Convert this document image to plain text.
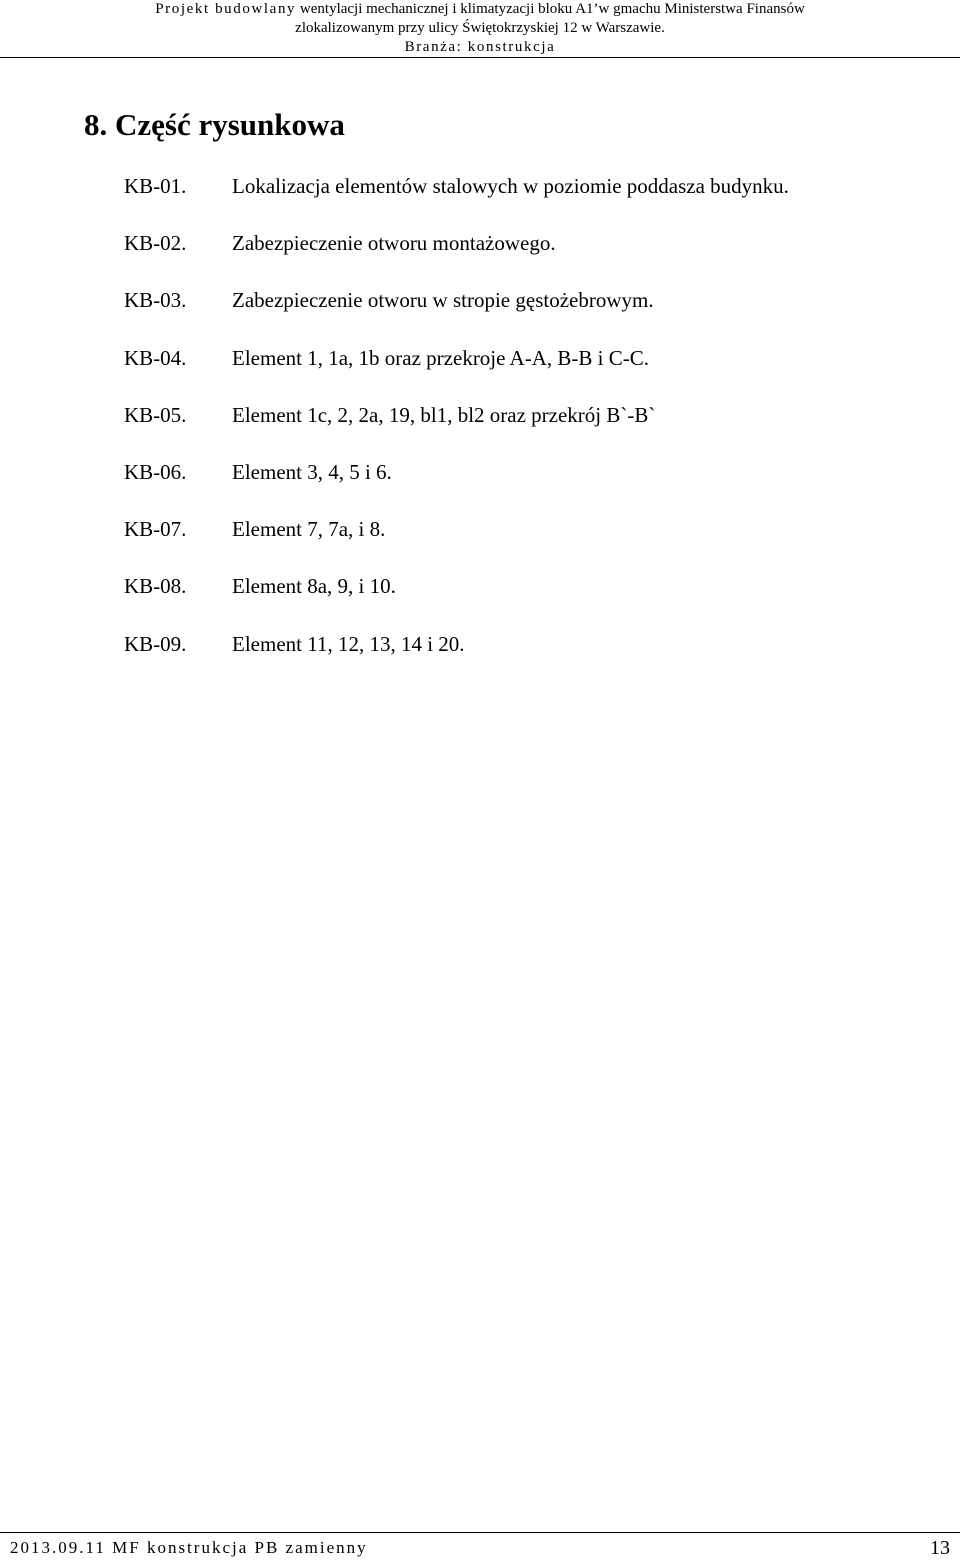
Projekt budowlany wentylacji mechanicznej i klimatyzacji bloku A1’w gmachu Ministerstwa Finansów
zlokalizowanym przy ulicy Świętokrzyskiej 12 w Warszawie.
Branża: konstrukcja
8. Część rysunkowa
KB-01. Lokalizacja elementów stalowych w poziomie poddasza budynku.
KB-02. Zabezpieczenie otworu montażowego.
KB-03. Zabezpieczenie otworu w stropie gęstożebrowym.
KB-04. Element 1, 1a, 1b oraz przekroje A-A, B-B i C-C.
KB-05. Element 1c, 2, 2a, 19, bl1, bl2 oraz przekrój B`-B`
KB-06. Element 3, 4, 5 i 6.
KB-07. Element 7, 7a, i 8.
KB-08. Element 8a, 9, i 10.
KB-09. Element 11, 12, 13, 14 i 20.
2013.09.11 MF konstrukcja PB zamienny	13
